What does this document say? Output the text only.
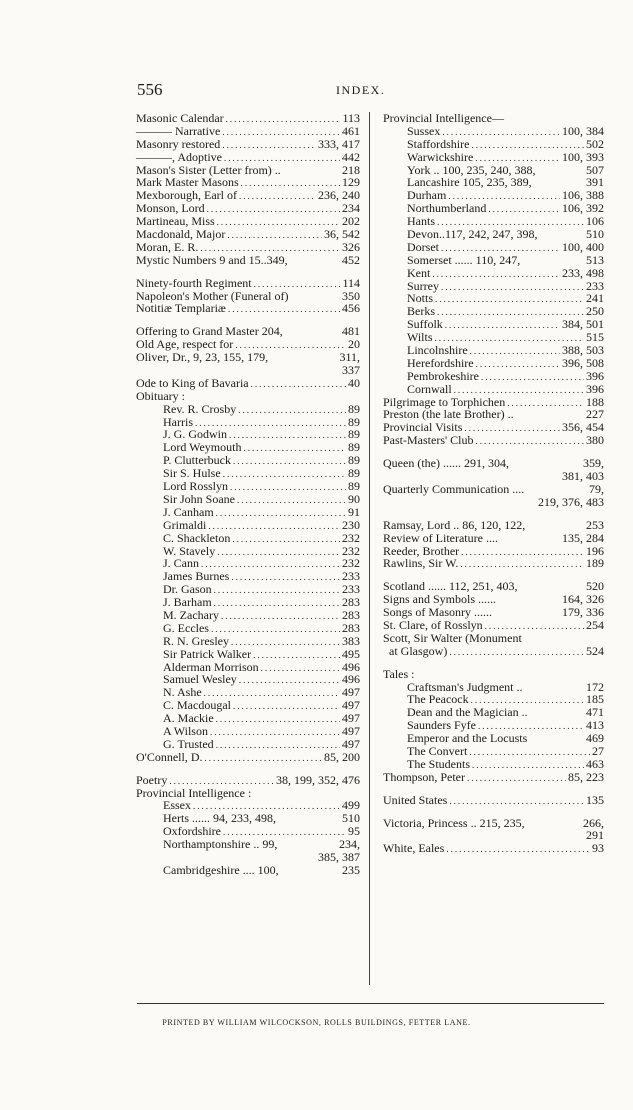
556	INDEX.
Masonic Calendar .....	113
——— Narrative .....	461
Masonry restored .....	333, 417
———, Adoptive .....	442
Mason's Sister (Letter from) ..	218
Mark Master Masons .....	129
Mexborough, Earl of .....	236, 240
Monson, Lord .....	234
Martineau, Miss .....	202
Macdonald, Major .....	36, 542
Moran, E. R. .....	326
Mystic Numbers 9 and 15..349,	452
Ninety-fourth Regiment .....	114
Napoleon's Mother (Funeral of)	350
Notitiæ Templariæ .....	456
Offering to Grand Master 204,	481
Old Age, respect for .....	20
Oliver, Dr., 9, 23, 155, 179,	311,
337
Ode to King of Bavaria .....	40
Obituary :
Rev. R. Crosby .....	89
Harris .....	89
J. G. Godwin .....	89
Lord Weymouth .....	89
P. Clutterbuck .....	89
Sir S. Hulse .....	89
Lord Rosslyn .....	89
Sir John Soane .....	90
J. Canham .....	91
Grimaldi .....	230
C. Shackleton .....	232
W. Stavely .....	232
J. Cann .....	232
James Burnes .....	233
Dr. Gason .....	233
J. Barham .....	283
M. Zachary .....	283
G. Eccles .....	283
R. N. Gresley .....	383
Sir Patrick Walker .....	495
Alderman Morrison .....	496
Samuel Wesley .....	496
N. Ashe .....	497
C. Macdougal .....	497
A. Mackie .....	497
A Wilson .....	497
G. Trusted .....	497
O'Connell, D. .....	85, 200
Poetry .....	38, 199, 352, 476
Provincial Intelligence :
Essex .....	499
Herts ...... 94, 233, 498,	510
Oxfordshire .....	95
Northamptonshire .. 99,	234,
385, 387
Cambridgeshire .... 100,	235
Provincial Intelligence—
Sussex .....	100, 384
Staffordshire .....	502
Warwickshire .....	100, 393
York .. 100, 235, 240, 388,	507
Lancashire 105, 235, 389,	391
Durham .....	106, 388
Northumberland .....	106, 392
Hants .....	106
Devon..117, 242, 247, 398,	510
Dorset .....	100, 400
Somerset ...... 110, 247,	513
Kent .....	233, 498
Surrey .....	233
Notts .....	241
Berks .....	250
Suffolk .....	384, 501
Wilts .....	515
Lincolnshire .....	388, 503
Herefordshire .....	396, 508
Pembrokeshire .....	396
Cornwall .....	396
Pilgrimage to Torphichen .....	188
Preston (the late Brother) ..	227
Provincial Visits .....	356, 454
Past-Masters' Club .....	380
Queen (the) ...... 291, 304,	359,
381, 403
Quarterly Communication ....	79,
219, 376, 483
Ramsay, Lord .. 86, 120, 122,	253
Review of Literature ....	135, 284
Reeder, Brother .....	196
Rawlins, Sir W. .....	189
Scotland ...... 112, 251, 403,	520
Signs and Symbols ......	164, 326
Songs of Masonry ......	179, 336
St. Clare, of Rosslyn .....	254
Scott, Sir Walter (Monument
at Glasgow) .....	524
Tales :
Craftsman's Judgment ..	172
The Peacock .....	185
Dean and the Magician ..	471
Saunders Fyfe .....	413
Emperor and the Locusts	469
The Convert .....	27
The Students .....	463
Thompson, Peter .....	85, 223
United States .....	135
Victoria, Princess .. 215, 235,	266,
291
White, Eales .....	93
PRINTED BY WILLIAM WILCOCKSON, ROLLS BUILDINGS, FETTER LANE.
